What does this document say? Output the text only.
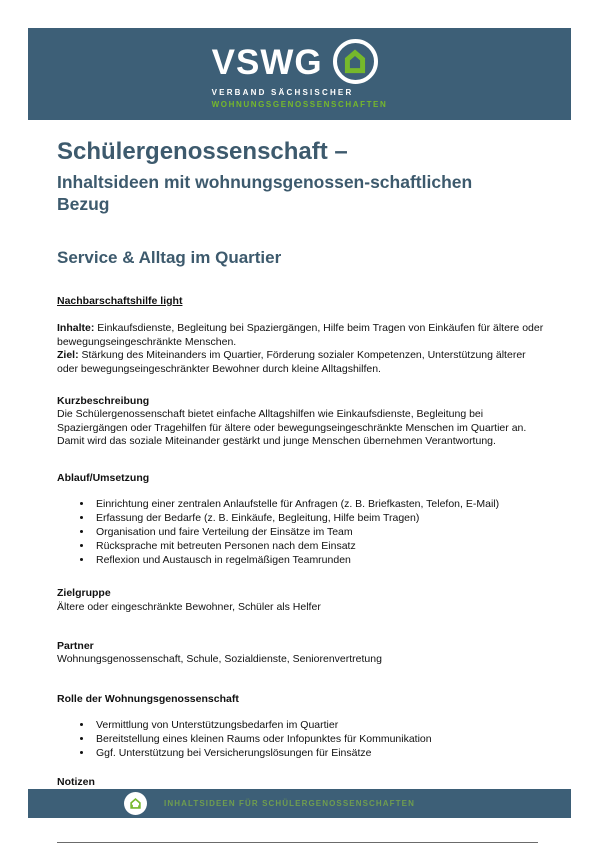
VSWG
VERBAND SÄCHSISCHER
WOHNUNGSGENOSSENSCHAFTEN
Schülergenossenschaft –
Inhaltsideen mit wohnungsgenossen-schaftlichen
Bezug
Service & Alltag im Quartier
Nachbarschaftshilfe light

Inhalte: Einkaufsdienste, Begleitung bei Spaziergängen, Hilfe beim Tragen von Einkäufen für ältere oder bewegungseingeschränkte Menschen.
Ziel: Stärkung des Miteinanders im Quartier, Förderung sozialer Kompetenzen, Unterstützung älterer oder bewegungseingeschränkter Bewohner durch kleine Alltagshilfen.

Kurzbeschreibung
Die Schülergenossenschaft bietet einfache Alltagshilfen wie Einkaufsdienste, Begleitung bei Spaziergängen oder Tragehilfen für ältere oder bewegungseingeschränkte Menschen im Quartier an. Damit wird das soziale Miteinander gestärkt und junge Menschen übernehmen Verantwortung.
Ablauf/Umsetzung
• Einrichtung einer zentralen Anlaufstelle für Anfragen (z. B. Briefkasten, Telefon, E-Mail)
• Erfassung der Bedarfe (z. B. Einkäufe, Begleitung, Hilfe beim Tragen)
• Organisation und faire Verteilung der Einsätze im Team
• Rücksprache mit betreuten Personen nach dem Einsatz
• Reflexion und Austausch in regelmäßigen Teamrunden
Zielgruppe
Ältere oder eingeschränkte Bewohner, Schüler als Helfer
Partner
Wohnungsgenossenschaft, Schule, Sozialdienste, Seniorenvertretung
Rolle der Wohnungsgenossenschaft
• Vermittlung von Unterstützungsbedarfen im Quartier
• Bereitstellung eines kleinen Raums oder Infopunktes für Kommunikation
• Ggf. Unterstützung bei Versicherungslösungen für Einsätze
Notizen
INHALTSIDEEN FÜR SCHÜLERGENOSSENSCHAFTEN
